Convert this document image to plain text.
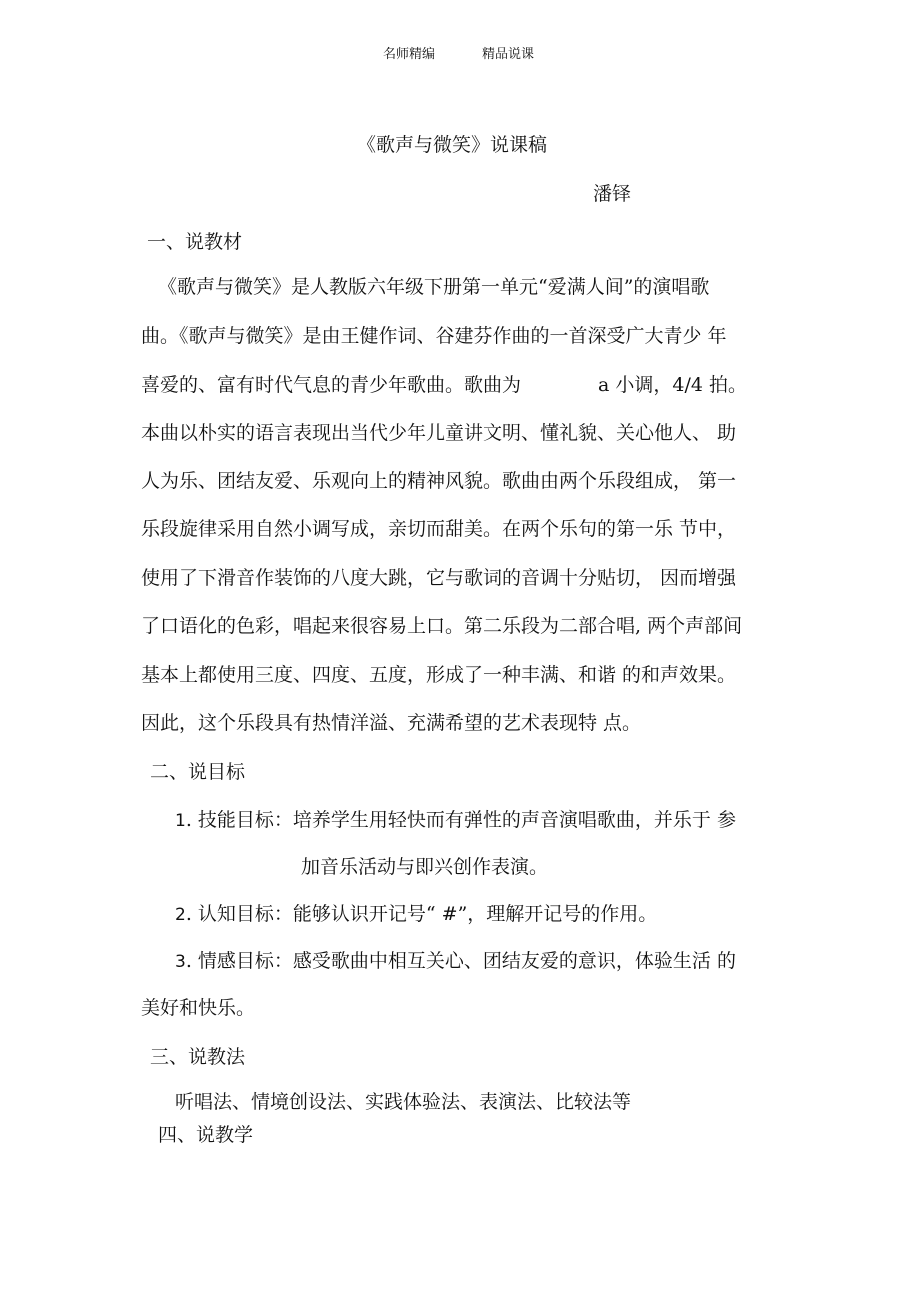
名师精编	精品说课
《歌声与微笑》说课稿
潘铎
一、说教材
《歌声与微笑》是人教版六年级下册第一单元“爱满人间”的演唱歌
曲。《歌声与微笑》是由王健作词、谷建芬作曲的一首深受广大青少 年
喜爱的、富有时代气息的青少年歌曲。歌曲为	a 小调，4/4 拍。
本曲以朴实的语言表现出当代少年儿童讲文明、懂礼貌、关心他人、 助
人为乐、团结友爱、乐观向上的精神风貌。歌曲由两个乐段组成， 第一
乐段旋律采用自然小调写成，亲切而甜美。在两个乐句的第一乐 节中，
使用了下滑音作装饰的八度大跳，它与歌词的音调十分贴切， 因而增强
了口语化的色彩，唱起来很容易上口。第二乐段为二部合唱, 两个声部间
基本上都使用三度、四度、五度，形成了一种丰满、和谐 的和声效果。
因此，这个乐段具有热情洋溢、充满希望的艺术表现特 点。
二、说目标
1. 技能目标：培养学生用轻快而有弹性的声音演唱歌曲，并乐于 参
加音乐活动与即兴创作表演。
2. 认知目标：能够认识开记号“ #”，理解开记号的作用。
3. 情感目标：感受歌曲中相互关心、团结友爱的意识，体验生活 的
美好和快乐。
三、说教法
听唱法、情境创设法、实践体验法、表演法、比较法等
四、说教学
